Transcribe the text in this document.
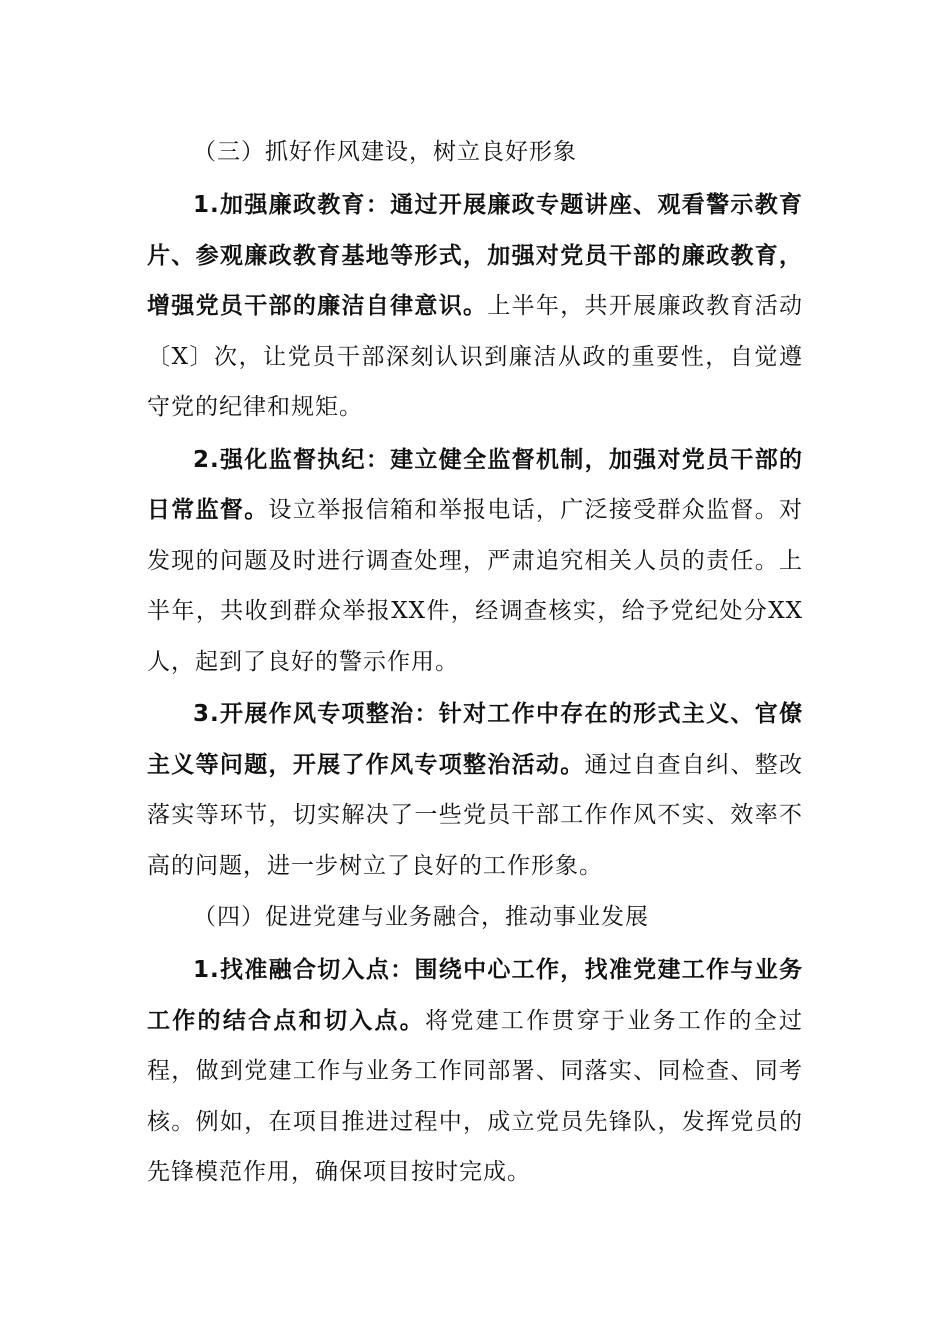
（三）抓好作风建设，树立良好形象

1.加强廉政教育：通过开展廉政专题讲座、观看警示教育片、参观廉政教育基地等形式，加强对党员干部的廉政教育，增强党员干部的廉洁自律意识。上半年，共开展廉政教育活动〔X〕次，让党员干部深刻认识到廉洁从政的重要性，自觉遵守党的纪律和规矩。

2.强化监督执纪：建立健全监督机制，加强对党员干部的日常监督。设立举报信箱和举报电话，广泛接受群众监督。对发现的问题及时进行调查处理，严肃追究相关人员的责任。上半年，共收到群众举报XX件，经调查核实，给予党纪处分XX人，起到了良好的警示作用。

3.开展作风专项整治：针对工作中存在的形式主义、官僚主义等问题，开展了作风专项整治活动。通过自查自纠、整改落实等环节，切实解决了一些党员干部工作作风不实、效率不高的问题，进一步树立了良好的工作形象。

（四）促进党建与业务融合，推动事业发展

1.找准融合切入点：围绕中心工作，找准党建工作与业务工作的结合点和切入点。将党建工作贯穿于业务工作的全过程，做到党建工作与业务工作同部署、同落实、同检查、同考核。例如，在项目推进过程中，成立党员先锋队，发挥党员的先锋模范作用，确保项目按时完成。
